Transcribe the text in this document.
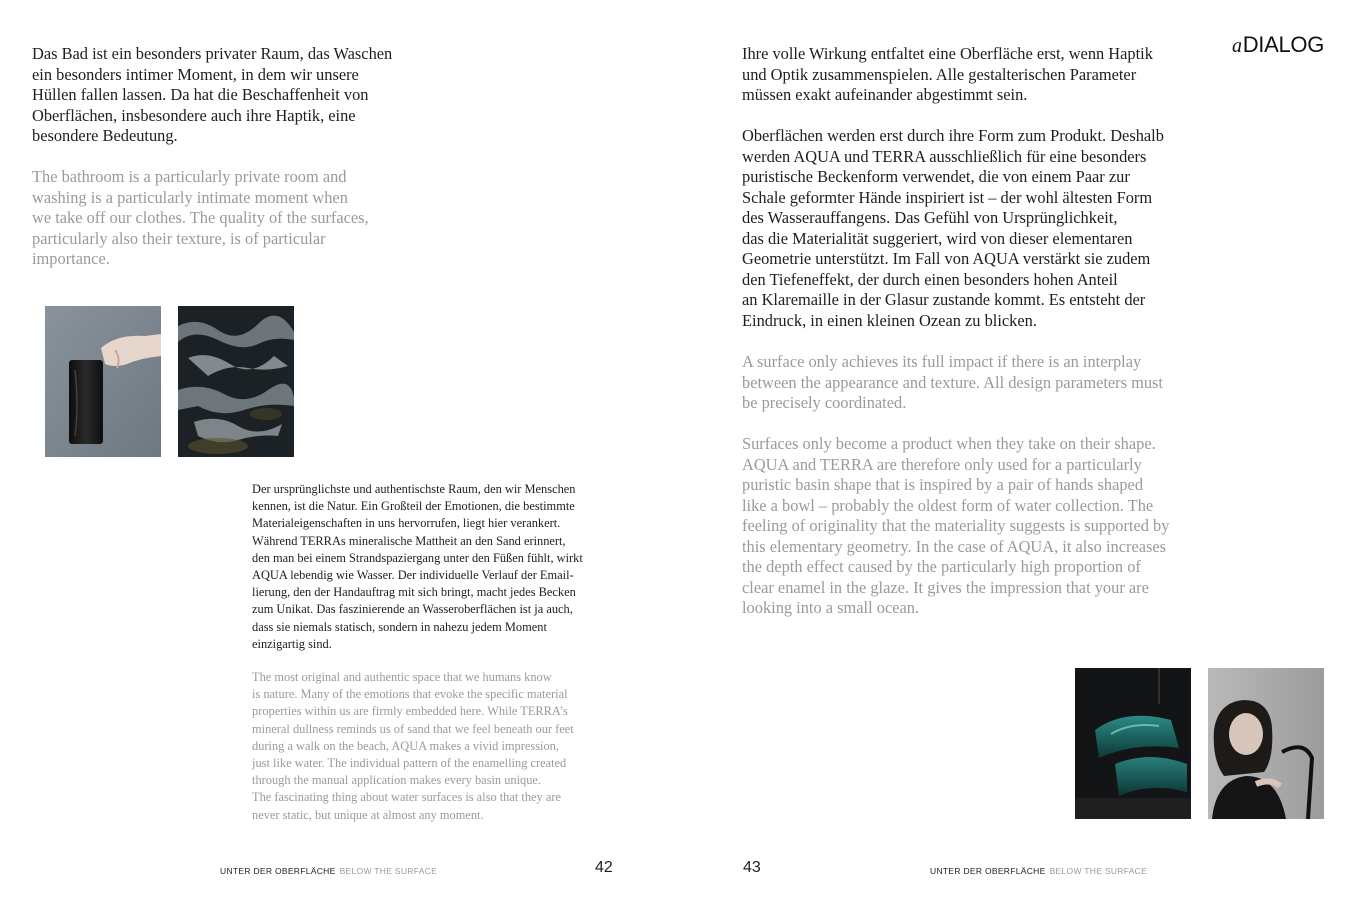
aDIALOG
Das Bad ist ein besonders privater Raum, das Waschen
ein besonders intimer Moment, in dem wir unsere
Hüllen fallen lassen. Da hat die Beschaffenheit von
Oberflächen, insbesondere auch ihre Haptik, eine
besondere Bedeutung.
The bathroom is a particularly private room and
washing is a particularly intimate moment when
we take off our clothes. The quality of the surfaces,
particularly also their texture, is of particular
importance.
Der ursprünglichste und authentischste Raum, den wir Menschen
kennen, ist die Natur. Ein Großteil der Emotionen, die bestimmte
Materialeigenschaften in uns hervorrufen, liegt hier verankert.
Während TERRAs mineralische Mattheit an den Sand erinnert,
den man bei einem Strandspaziergang unter den Füßen fühlt, wirkt
AQUA lebendig wie Wasser. Der individuelle Verlauf der Email-
lierung, den der Handauftrag mit sich bringt, macht jedes Becken
zum Unikat. Das faszinierende an Wasseroberflächen ist ja auch,
dass sie niemals statisch, sondern in nahezu jedem Moment
einzigartig sind.
The most original and authentic space that we humans know
is nature. Many of the emotions that evoke the specific material
properties within us are firmly embedded here. While TERRA’s
mineral dullness reminds us of sand that we feel beneath our feet
during a walk on the beach, AQUA makes a vivid impression,
just like water. The individual pattern of the enamelling created
through the manual application makes every basin unique.
The fascinating thing about water surfaces is also that they are
never static, but unique at almost any moment.
UNTER DER OBERFLÄCHE BELOW THE SURFACE	42
Ihre volle Wirkung entfaltet eine Oberfläche erst, wenn Haptik
und Optik zusammenspielen. Alle gestalterischen Parameter
müssen exakt aufeinander abgestimmt sein.
Oberflächen werden erst durch ihre Form zum Produkt. Deshalb
werden AQUA und TERRA ausschließlich für eine besonders
puristische Beckenform verwendet, die von einem Paar zur
Schale geformter Hände inspiriert ist – der wohl ältesten Form
des Wasserauffangens. Das Gefühl von Ursprünglichkeit,
das die Materialität suggeriert, wird von dieser elementaren
Geometrie unterstützt. Im Fall von AQUA verstärkt sie zudem
den Tiefeneffekt, der durch einen besonders hohen Anteil
an Klaremaille in der Glasur zustande kommt. Es entsteht der
Eindruck, in einen kleinen Ozean zu blicken.
A surface only achieves its full impact if there is an interplay
between the appearance and texture. All design parameters must
be precisely coordinated.
Surfaces only become a product when they take on their shape.
AQUA and TERRA are therefore only used for a particularly
puristic basin shape that is inspired by a pair of hands shaped
like a bowl – probably the oldest form of water collection. The
feeling of originality that the materiality suggests is supported by
this elementary geometry. In the case of AQUA, it also increases
the depth effect caused by the particularly high proportion of
clear enamel in the glaze. It gives the impression that your are
looking into a small ocean.
43	UNTER DER OBERFLÄCHE BELOW THE SURFACE
